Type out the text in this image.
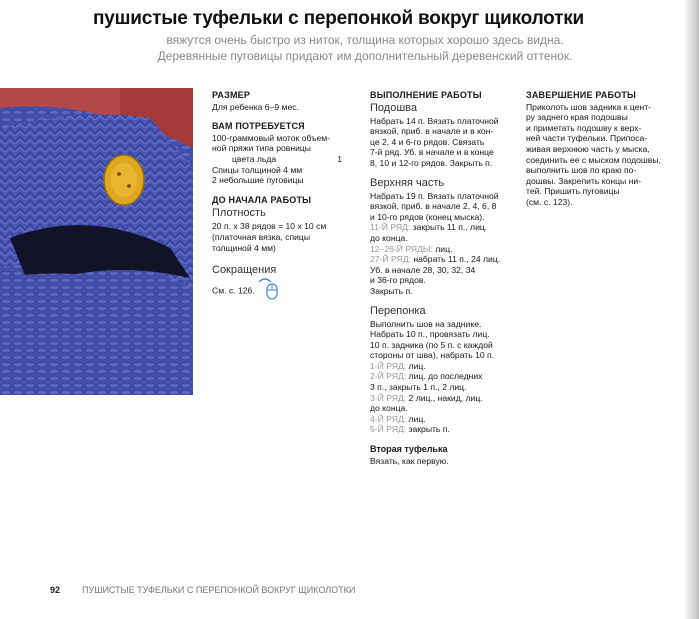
пушистые туфельки с перепонкой вокруг щиколотки
вяжутся очень быстро из ниток, толщина которых хорошо здесь видна.
Деревянные пуговицы придают им дополнительный деревенский оттенок.
РАЗМЕР
Для ребенка 6–9 мес.
ВАМ ПОТРЕБУЕТСЯ
100-граммовый моток объем-
ной пряжи типа ровницы
цвета льда	1
Спицы толщиной 4 мм
2 небольшие пуговицы
ДО НАЧАЛА РАБОТЫ
Плотность
20 п. х 38 рядов = 10 х 10 см
(платочная вязка, спицы
толщиной 4 мм)
Сокращения
См. с. 126.
ВЫПОЛНЕНИЕ РАБОТЫ
Подошва
Набрать 14 п. Вязать платочной
вязкой, приб. в начале и в кон-
це 2, 4 и 6-го рядов. Связать
7-й ряд. Уб. в начале и в конце
8, 10 и 12-го рядов. Закрыть п.
Верхняя часть
Набрать 19 п. Вязать платочной
вязкой, приб. в начале 2, 4, 6, 8
и 10-го рядов (конец мыска).
11-Й РЯД: закрыть 11 п., лиц.
до конца.
12–26-Й РЯДЫ: лиц.
27-Й РЯД: набрать 11 п., 24 лиц.
Уб. в начале 28, 30, 32, 34
и 36-го рядов.
Закрыть п.
Перепонка
Выполнить шов на заднике.
Набрать 10 п., провязать лиц.
10 п. задника (по 5 п. с каждой
стороны от шва), набрать 10 п.
1-Й РЯД: лиц.
2-Й РЯД: лиц. до последних
3 п., закрыть 1 п., 2 лиц.
3-Й РЯД: 2 лиц., накид, лиц.
до конца.
4-Й РЯД: лиц.
5-Й РЯД: закрыть п.
Вторая туфелька
Вязать, как первую.
ЗАВЕРШЕНИЕ РАБОТЫ
Приколоть шов задника к цент-
ру заднего края подошвы
и приметать подошву к верх-
ней части туфельки. Припоса-
живая верхнюю часть у мыска,
соединить ее с мыском подошвы,
выполнить шов по краю по-
дошвы. Закрепить концы ни-
тей. Пришить пуговицы
(см. с. 123).
92 ПУШИСТЫЕ ТУФЕЛЬКИ С ПЕРЕПОНКОЙ ВОКРУГ ЩИКОЛОТКИ
